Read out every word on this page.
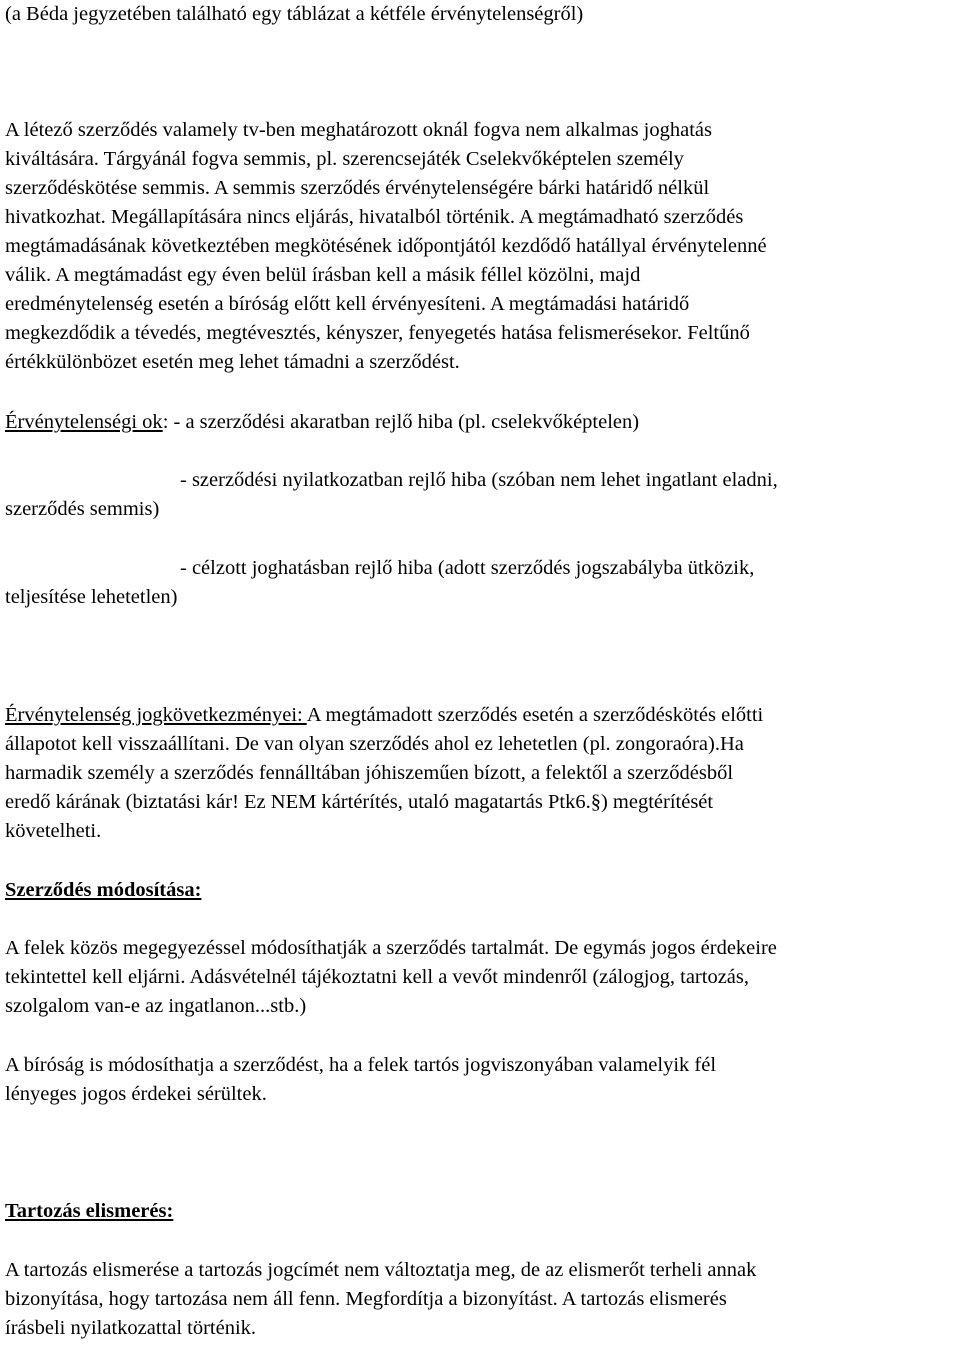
(a Béda jegyzetében található egy táblázat a kétféle érvénytelenségről)
A létező szerződés valamely tv-ben meghatározott oknál fogva nem alkalmas joghatás
kiváltására. Tárgyánál fogva semmis, pl. szerencsejáték Cselekvőképtelen személy
szerződéskötése semmis. A semmis szerződés érvénytelenségére bárki határidő nélkül
hivatkozhat. Megállapítására nincs eljárás, hivatalból történik. A megtámadható szerződés
megtámadásának következtében megkötésének időpontjától kezdődő hatállyal érvénytelenné
válik. A megtámadást egy éven belül írásban kell a másik féllel közölni, majd
eredménytelenség esetén a bíróság előtt kell érvényesíteni. A megtámadási határidő
megkezdődik a tévedés, megtévesztés, kényszer, fenyegetés hatása felismerésekor. Feltűnő
értékkülönbözet esetén meg lehet támadni a szerződést.
Érvénytelenségi ok: - a szerződési akaratban rejlő hiba (pl. cselekvőképtelen)
- szerződési nyilatkozatban rejlő hiba (szóban nem lehet ingatlant eladni,
szerződés semmis)
- célzott joghatásban rejlő hiba (adott szerződés jogszabályba ütközik,
teljesítése lehetetlen)
Érvénytelenség jogkövetkezményei: A megtámadott szerződés esetén a szerződéskötés előtti
állapotot kell visszaállítani. De van olyan szerződés ahol ez lehetetlen (pl. zongoraóra).Ha
harmadik személy a szerződés fennálltában jóhiszeműen bízott, a felektől a szerződésből
eredő kárának (biztatási kár! Ez NEM kártérítés, utaló magatartás Ptk6.§) megtérítését
követelheti.
Szerződés módosítása:
A felek közös megegyezéssel módosíthatják a szerződés tartalmát. De egymás jogos érdekeire
tekintettel kell eljárni. Adásvételnél tájékoztatni kell a vevőt mindenről (zálogjog, tartozás,
szolgalom van-e az ingatlanon...stb.)
A bíróság is módosíthatja a szerződést, ha a felek tartós jogviszonyában valamelyik fél
lényeges jogos érdekei sérültek.
Tartozás elismerés:
A tartozás elismerése a tartozás jogcímét nem változtatja meg, de az elismerőt terheli annak
bizonyítása, hogy tartozása nem áll fenn. Megfordítja a bizonyítást. A tartozás elismerés
írásbeli nyilatkozattal történik.
